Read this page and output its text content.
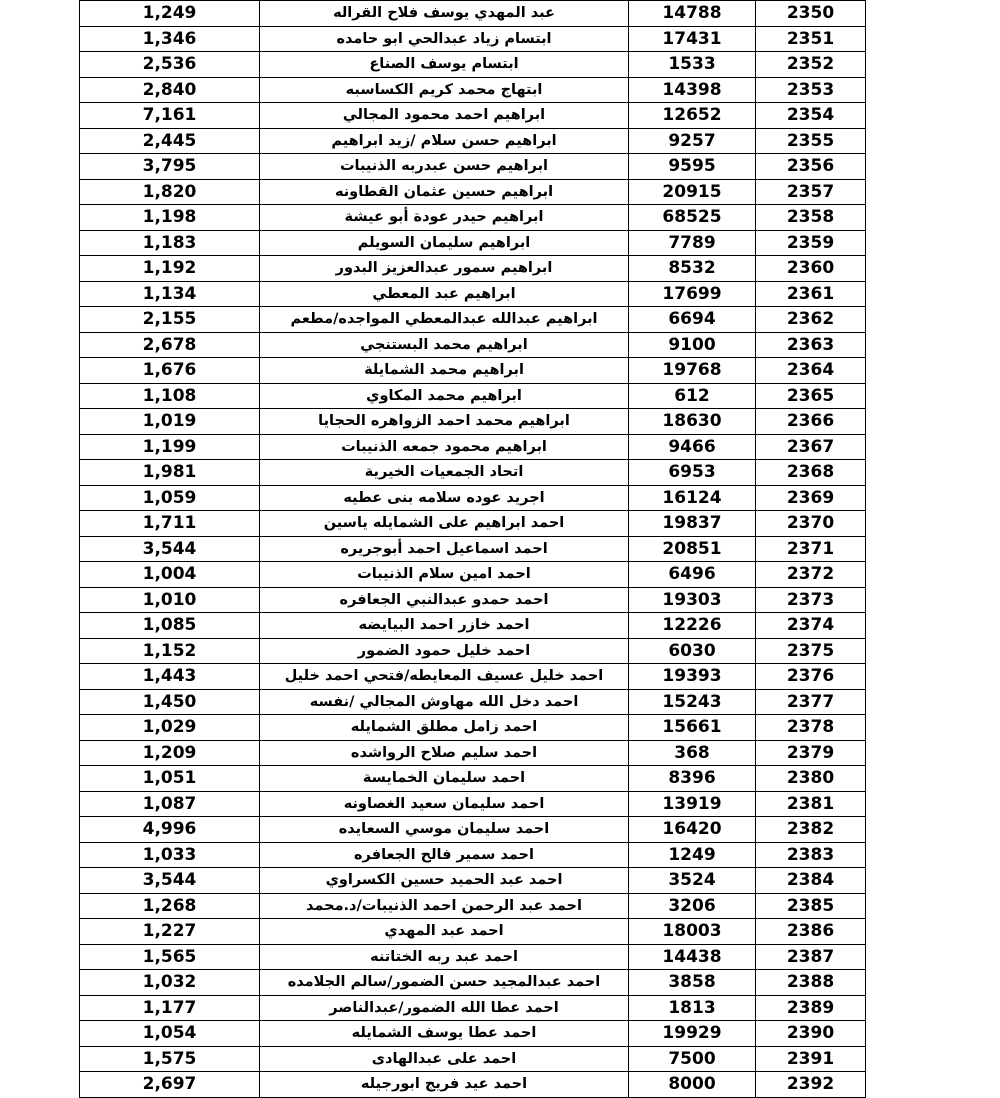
1,249	عبد المهدي يوسف فلاح القراله	14788	2350
1,346	ابتسام زياد عبدالحي ابو حامده	17431	2351
2,536	ابتسام يوسف الصناع	1533	2352
2,840	ابتهاج محمد كريم الكساسبه	14398	2353
7,161	ابراهيم احمد محمود المجالي	12652	2354
2,445	ابراهيم حسن سلام /زيد ابراهيم	9257	2355
3,795	ابراهيم حسن عبدربه الذنيبات	9595	2356
1,820	ابراهيم حسين عثمان القطاونه	20915	2357
1,198	ابراهيم حيدر عودة أبو عيشة	68525	2358
1,183	ابراهيم سليمان السويلم	7789	2359
1,192	ابراهيم سمور عبدالعزيز البدور	8532	2360
1,134	ابراهيم عبد المعطي	17699	2361
2,155	ابراهيم عبدالله عبدالمعطي المواجده/مطعم	6694	2362
2,678	ابراهيم محمد البستنجي	9100	2363
1,676	ابراهيم محمد الشمايلة	19768	2364
1,108	ابراهيم محمد المكاوي	612	2365
1,019	ابراهيم محمد احمد الزواهره الحجايا	18630	2366
1,199	ابراهيم محمود جمعه الذنيبات	9466	2367
1,981	اتحاد الجمعيات الخيرية	6953	2368
1,059	اجريد عوده سلامه بنى عطيه	16124	2369
1,711	احمد ابراهيم على الشمايله ياسين	19837	2370
3,544	احمد اسماعيل احمد أبوجريره	20851	2371
1,004	احمد امين سلام الذنيبات	6496	2372
1,010	احمد حمدو عبدالنبي الجعافره	19303	2373
1,085	احمد خازر احمد البيايضه	12226	2374
1,152	احمد خليل حمود الضمور	6030	2375
1,443	احمد خليل عسيف المعايطه/فتحي احمد خليل	19393	2376
1,450	احمد دخل الله مهاوش المجالي /نفسه	15243	2377
1,029	احمد زامل مطلق الشمايله	15661	2378
1,209	احمد سليم صلاح الرواشده	368	2379
1,051	احمد سليمان الخمايسة	8396	2380
1,087	احمد سليمان سعيد الغصاونه	13919	2381
4,996	احمد سليمان موسي السعايده	16420	2382
1,033	احمد سمير فالح الجعافره	1249	2383
3,544	احمد عبد الحميد حسين الكسراوي	3524	2384
1,268	احمد عبد الرحمن احمد الذنيبات/د.محمد	3206	2385
1,227	احمد عبد المهدي	18003	2386
1,565	احمد عبد ربه الختاتنه	14438	2387
1,032	احمد عبدالمجيد حسن الضمور/سالم الجلامده	3858	2388
1,177	احمد عطا الله الضمور/عبدالناصر	1813	2389
1,054	احمد عطا يوسف الشمايله	19929	2390
1,575	احمد على عبدالهادى	7500	2391
2,697	احمد عيد فريج ابورجيله	8000	2392
